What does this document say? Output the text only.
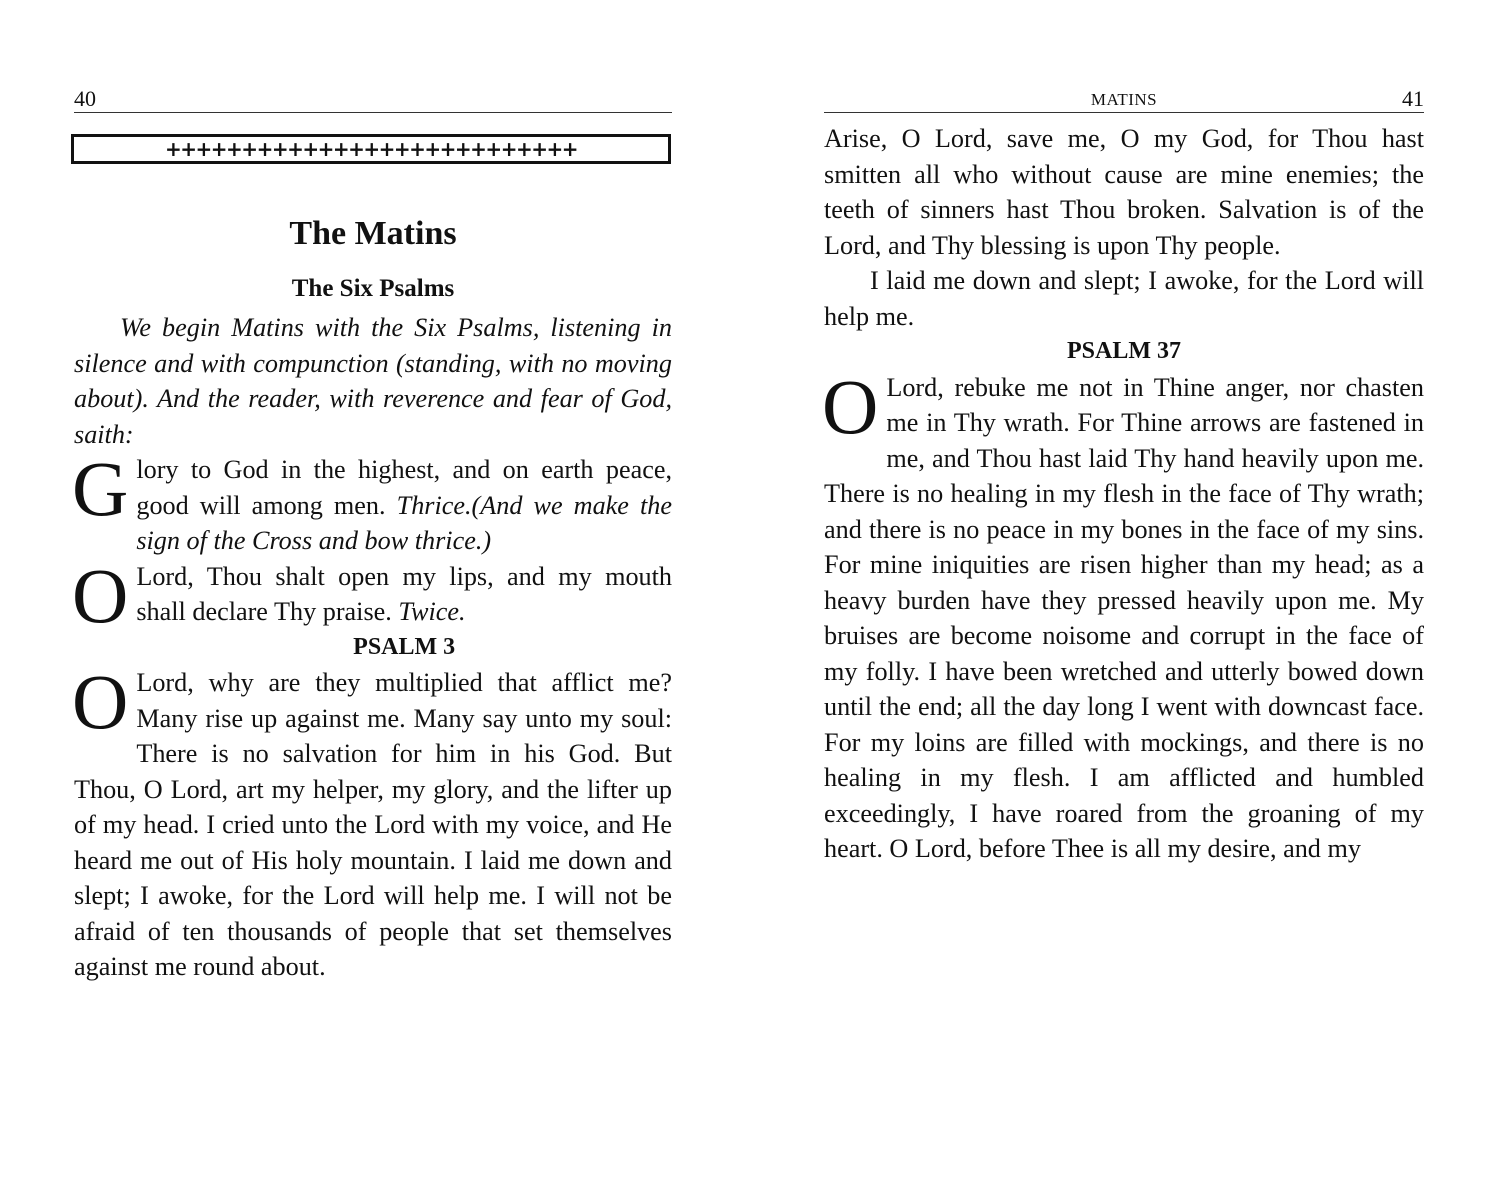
40
+++++++++++++++++++++++++++
The Matins
The Six Psalms

We begin Matins with the Six Psalms, listening in silence and with compunction (standing, with no moving about). And the reader, with reverence and fear of God, saith:

Glory to God in the highest, and on earth peace, good will among men. Thrice.(And we make the sign of the Cross and bow thrice.)

O Lord, Thou shalt open my lips, and my mouth shall declare Thy praise. Twice.

PSALM 3

O Lord, why are they multiplied that afflict me? Many rise up against me. Many say unto my soul: There is no salvation for him in his God. But Thou, O Lord, art my helper, my glory, and the lifter up of my head. I cried unto the Lord with my voice, and He heard me out of His holy mountain. I laid me down and slept; I awoke, for the Lord will help me. I will not be afraid of ten thousands of people that set themselves against me round about.

MATINS	41

Arise, O Lord, save me, O my God, for Thou hast smitten all who without cause are mine enemies; the teeth of sinners hast Thou broken. Salvation is of the Lord, and Thy blessing is upon Thy people.

I laid me down and slept; I awoke, for the Lord will help me.

PSALM 37

O Lord, rebuke me not in Thine anger, nor chasten me in Thy wrath. For Thine arrows are fastened in me, and Thou hast laid Thy hand heavily upon me. There is no healing in my flesh in the face of Thy wrath; and there is no peace in my bones in the face of my sins. For mine iniquities are risen higher than my head; as a heavy burden have they pressed heavily upon me. My bruises are become noisome and corrupt in the face of my folly. I have been wretched and utterly bowed down until the end; all the day long I went with downcast face. For my loins are filled with mockings, and there is no healing in my flesh. I am afflicted and humbled exceedingly, I have roared from the groaning of my heart. O Lord, before Thee is all my desire, and my
